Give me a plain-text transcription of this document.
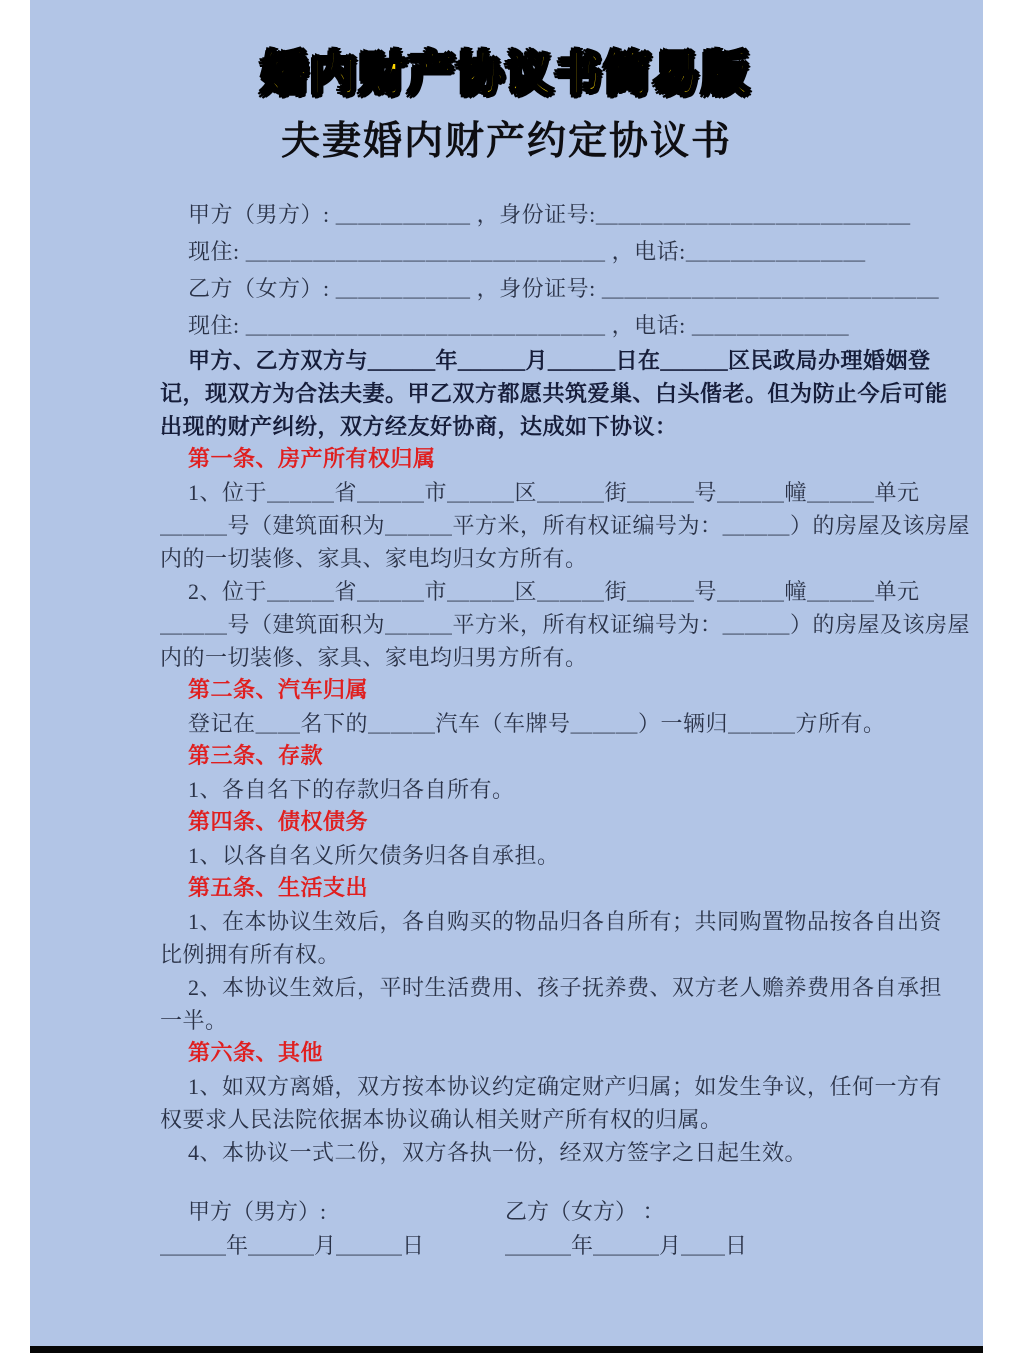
婚内财产协议书简易版
夫妻婚内财产约定协议书
甲方（男方）: ＿＿＿＿＿＿ ，身份证号:＿＿＿＿＿＿＿＿＿＿＿＿＿＿
现住: ＿＿＿＿＿＿＿＿＿＿＿＿＿＿＿＿ ，电话:＿＿＿＿＿＿＿＿
乙方（女方）: ＿＿＿＿＿＿ ，身份证号: ＿＿＿＿＿＿＿＿＿＿＿＿＿＿＿
现住: ＿＿＿＿＿＿＿＿＿＿＿＿＿＿＿＿ ，电话: ＿＿＿＿＿＿＿
甲方、乙方双方与＿＿＿年＿＿＿月＿＿＿日在＿＿＿区民政局办理婚姻登
记，现双方为合法夫妻。甲乙双方都愿共筑爱巢、白头偕老。但为防止今后可能
出现的财产纠纷，双方经友好协商，达成如下协议：
第一条、房产所有权归属
1、位于＿＿＿省＿＿＿市＿＿＿区＿＿＿街＿＿＿号＿＿＿幢＿＿＿单元
＿＿＿号（建筑面积为＿＿＿平方米，所有权证编号为：＿＿＿）的房屋及该房屋
内的一切装修、家具、家电均归女方所有。
2、位于＿＿＿省＿＿＿市＿＿＿区＿＿＿街＿＿＿号＿＿＿幢＿＿＿单元
＿＿＿号（建筑面积为＿＿＿平方米，所有权证编号为：＿＿＿）的房屋及该房屋
内的一切装修、家具、家电均归男方所有。
第二条、汽车归属
登记在＿＿名下的＿＿＿汽车（车牌号＿＿＿）一辆归＿＿＿方所有。
第三条、存款
1、各自名下的存款归各自所有。
第四条、债权债务
1、以各自名义所欠债务归各自承担。
第五条、生活支出
1、在本协议生效后，各自购买的物品归各自所有；共同购置物品按各自出资
比例拥有所有权。
2、本协议生效后，平时生活费用、孩子抚养费、双方老人赡养费用各自承担
一半。
第六条、其他
1、如双方离婚，双方按本协议约定确定财产归属；如发生争议，任何一方有
权要求人民法院依据本协议确认相关财产所有权的归属。
4、本协议一式二份，双方各执一份，经双方签字之日起生效。
甲方（男方）:	乙方（女方） ：
＿＿＿年＿＿＿月＿＿＿日	＿＿＿年＿＿＿月＿＿日
